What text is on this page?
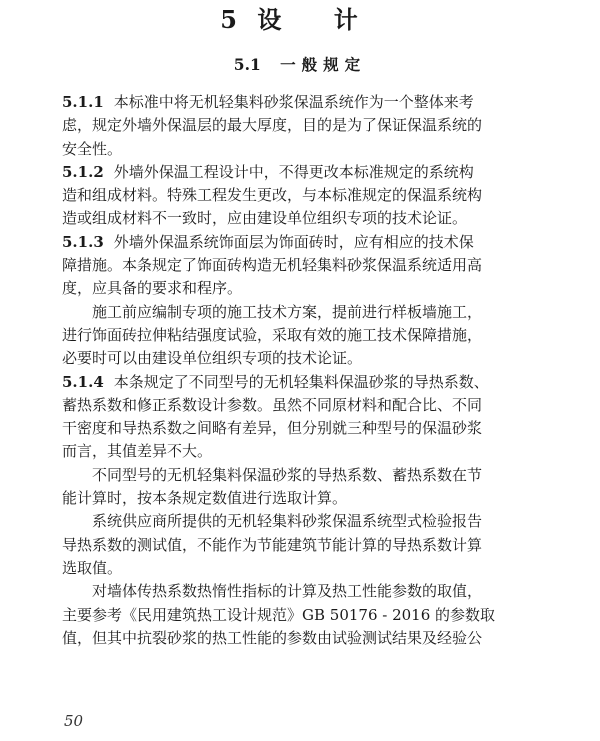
5 设 计
5.1 一般规定
5.1.1 本标准中将无机轻集料砂浆保温系统作为一个整体来考
虑，规定外墙外保温层的最大厚度，目的是为了保证保温系统的
安全性。
5.1.2 外墙外保温工程设计中，不得更改本标准规定的系统构
造和组成材料。特殊工程发生更改，与本标准规定的保温系统构
造或组成材料不一致时，应由建设单位组织专项的技术论证。
5.1.3 外墙外保温系统饰面层为饰面砖时，应有相应的技术保
障措施。本条规定了饰面砖构造无机轻集料砂浆保温系统适用高
度，应具备的要求和程序。
施工前应编制专项的施工技术方案，提前进行样板墙施工，
进行饰面砖拉伸粘结强度试验，采取有效的施工技术保障措施，
必要时可以由建设单位组织专项的技术论证。
5.1.4 本条规定了不同型号的无机轻集料保温砂浆的导热系数、
蓄热系数和修正系数设计参数。虽然不同原材料和配合比、不同
干密度和导热系数之间略有差异，但分别就三种型号的保温砂浆
而言，其值差异不大。
不同型号的无机轻集料保温砂浆的导热系数、蓄热系数在节
能计算时，按本条规定数值进行选取计算。
系统供应商所提供的无机轻集料砂浆保温系统型式检验报告
导热系数的测试值，不能作为节能建筑节能计算的导热系数计算
选取值。
对墙体传热系数热惰性指标的计算及热工性能参数的取值，
主要参考《民用建筑热工设计规范》GB 50176 - 2016 的参数取
值，但其中抗裂砂浆的热工性能的参数由试验测试结果及经验公
50
